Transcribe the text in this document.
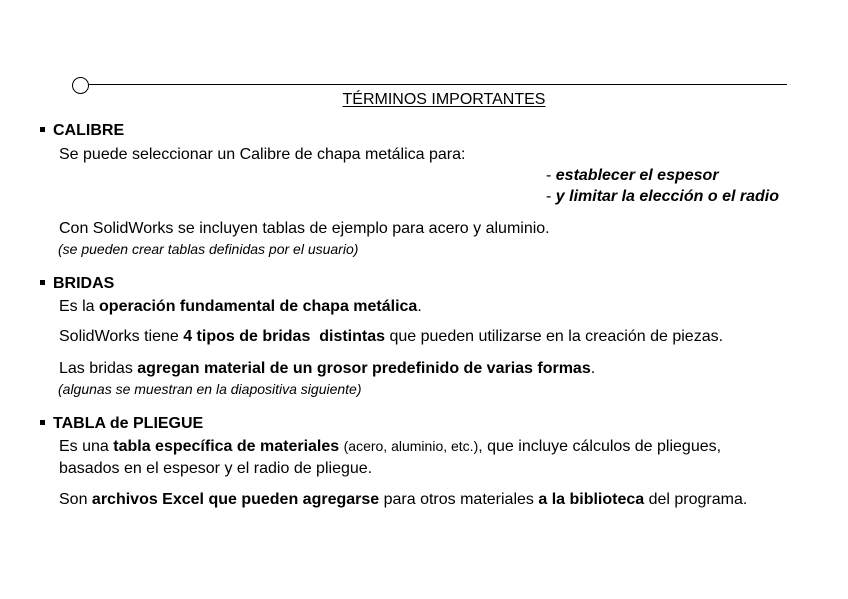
TÉRMINOS IMPORTANTES
CALIBRE
Se puede seleccionar un Calibre de chapa metálica para:
- establecer el espesor
- y limitar la elección o el radio
Con SolidWorks se incluyen tablas de ejemplo para acero y aluminio.
(se pueden crear tablas definidas por el usuario)
BRIDAS
Es la operación fundamental de chapa metálica.
SolidWorks tiene 4 tipos de bridas  distintas que pueden utilizarse en la creación de piezas.
Las bridas agregan material de un grosor predefinido de varias formas.
(algunas se muestran en la diapositiva siguiente)
TABLA de PLIEGUE
Es una tabla específica de materiales (acero, aluminio, etc.), que incluye cálculos de pliegues,
basados en el espesor y el radio de pliegue.
Son archivos Excel que pueden agregarse para otros materiales a la biblioteca del programa.
